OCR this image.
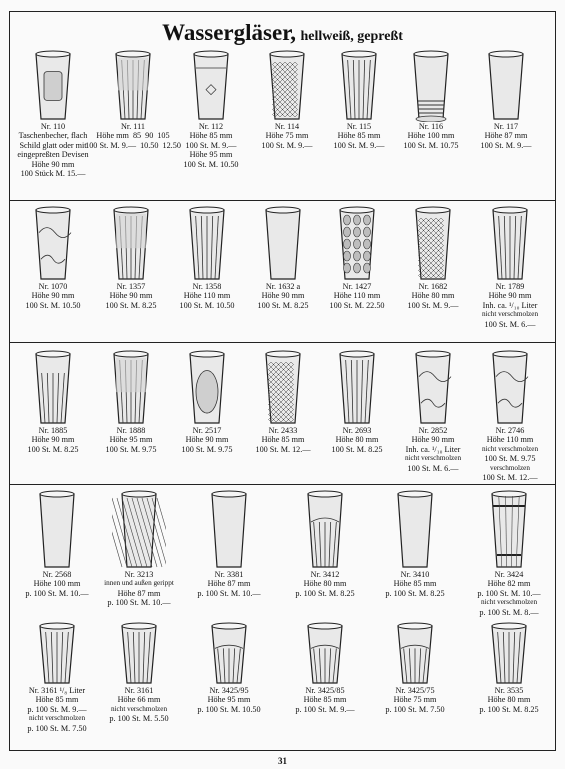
Wassergläser, hellweiß, gepreßt
Nr. 110
Taschenbecher, flach
Schild glatt oder mit
eingepreßten Devisen
Höhe 90 mm
100 Stück M. 15.—
Nr. 111
Höhe mm 85 90 105
100 St. M. 9.— 10.50 12.50
Nr. 112
Höhe 85 mm
100 St. M. 9.—
Höhe 95 mm
100 St. M. 10.50
Nr. 114
Höhe 75 mm
100 St. M. 9.—
Nr. 115
Höhe 85 mm
100 St. M. 9.—
Nr. 116
Höhe 100 mm
100 St. M. 10.75
Nr. 117
Höhe 87 mm
100 St. M. 9.—
Nr. 1070
Höhe 90 mm
100 St. M. 10.50
Nr. 1357
Höhe 90 mm
100 St. M. 8.25
Nr. 1358
Höhe 110 mm
100 St. M. 10.50
Nr. 1632 a
Höhe 90 mm
100 St. M. 8.25
Nr. 1427
Höhe 110 mm
100 St. M. 22.50
Nr. 1682
Höhe 80 mm
100 St. M. 9.—
Nr. 1789
Höhe 90 mm
Inh. ca. ¹/₁₀ Liter
nicht verschmolzen
100 St. M. 6.—
Nr. 1885
Höhe 90 mm
100 St. M. 8.25
Nr. 1888
Höhe 95 mm
100 St. M. 9.75
Nr. 2517
Höhe 90 mm
100 St. M. 9.75
Nr. 2433
Höhe 85 mm
100 St. M. 12.—
Nr. 2693
Höhe 80 mm
100 St. M. 8.25
Nr. 2852
Höhe 90 mm
Inh. ca. ¹/₁₀ Liter
nicht verschmolzen
100 St. M. 6.—
Nr. 2746
Höhe 110 mm
nicht verschmolzen
100 St. M. 9.75
verschmolzen
100 St. M. 12.—
Nr. 2568
Höhe 100 mm
p. 100 St. M. 10.—
Nr. 3213
innen und außen gerippt
Höhe 87 mm
p. 100 St. M. 10.—
Nr. 3381
Höhe 87 mm
p. 100 St. M. 10.—
Nr. 3412
Höhe 80 mm
p. 100 St. M. 8.25
Nr. 3410
Höhe 85 mm
p. 100 St. M. 8.25
Nr. 3424
Höhe 82 mm
p. 100 St. M. 10.—
nicht verschmolzen
p. 100 St. M. 8.—
Nr. 3161 ¹/₈ Liter
Höhe 85 mm
p. 100 St. M. 9.—
nicht verschmolzen
p. 100 St. M. 7.50
Nr. 3161
Höhe 66 mm
nicht verschmolzen
p. 100 St. M. 5.50
Nr. 3425/95
Höhe 95 mm
p. 100 St. M. 10.50
Nr. 3425/85
Höhe 85 mm
p. 100 St. M. 9.—
Nr. 3425/75
Höhe 75 mm
p. 100 St. M. 7.50
Nr. 3535
Höhe 80 mm
p. 100 St. M. 8.25
31
